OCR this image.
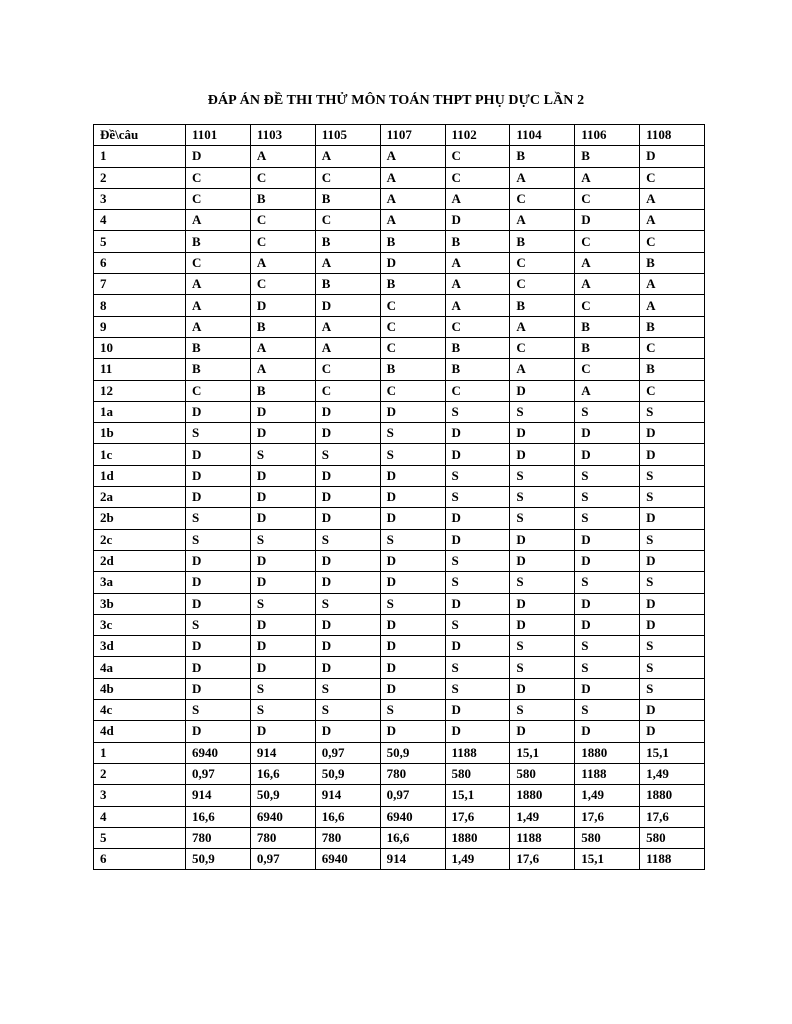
ĐÁP ÁN ĐỀ THI THỬ MÔN TOÁN THPT PHỤ DỰC LẦN 2
Đề\câu	1101	1103	1105	1107	1102	1104	1106	1108
1	D	A	A	A	C	B	B	D
2	C	C	C	A	C	A	A	C
3	C	B	B	A	A	C	C	A
4	A	C	C	A	D	A	D	A
5	B	C	B	B	B	B	C	C
6	C	A	A	D	A	C	A	B
7	A	C	B	B	A	C	A	A
8	A	D	D	C	A	B	C	A
9	A	B	A	C	C	A	B	B
10	B	A	A	C	B	C	B	C
11	B	A	C	B	B	A	C	B
12	C	B	C	C	C	D	A	C
1a	D	D	D	D	S	S	S	S
1b	S	D	D	S	D	D	D	D
1c	D	S	S	S	D	D	D	D
1d	D	D	D	D	S	S	S	S
2a	D	D	D	D	S	S	S	S
2b	S	D	D	D	D	S	S	D
2c	S	S	S	S	D	D	D	S
2d	D	D	D	D	S	D	D	D
3a	D	D	D	D	S	S	S	S
3b	D	S	S	S	D	D	D	D
3c	S	D	D	D	S	D	D	D
3d	D	D	D	D	D	S	S	S
4a	D	D	D	D	S	S	S	S
4b	D	S	S	D	S	D	D	S
4c	S	S	S	S	D	S	S	D
4d	D	D	D	D	D	D	D	D
1	6940	914	0,97	50,9	1188	15,1	1880	15,1
2	0,97	16,6	50,9	780	580	580	1188	1,49
3	914	50,9	914	0,97	15,1	1880	1,49	1880
4	16,6	6940	16,6	6940	17,6	1,49	17,6	17,6
5	780	780	780	16,6	1880	1188	580	580
6	50,9	0,97	6940	914	1,49	17,6	15,1	1188
